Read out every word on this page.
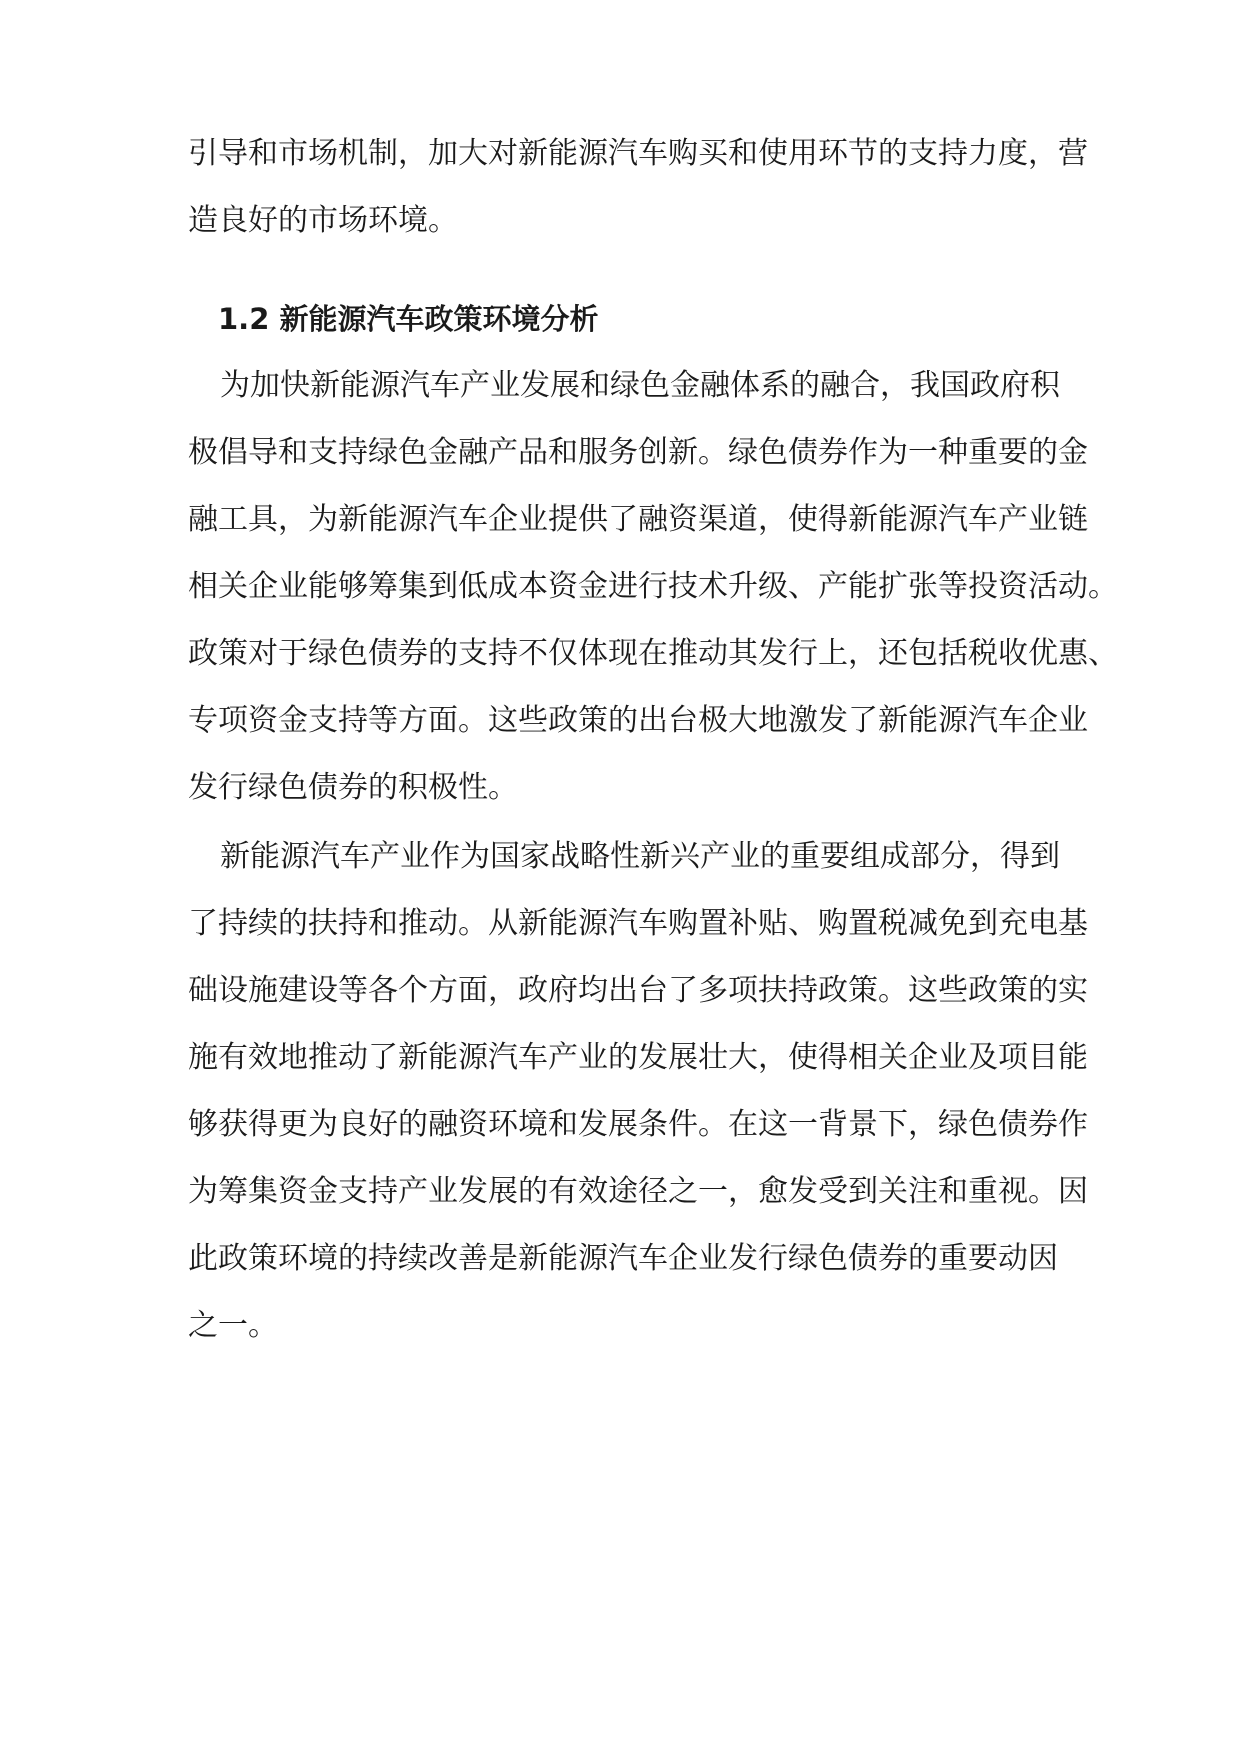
引导和市场机制，加大对新能源汽车购买和使用环节的支持力度，营
造良好的市场环境。
1.2 新能源汽车政策环境分析
为加快新能源汽车产业发展和绿色金融体系的融合，我国政府积
极倡导和支持绿色金融产品和服务创新。绿色债券作为一种重要的金
融工具，为新能源汽车企业提供了融资渠道，使得新能源汽车产业链
相关企业能够筹集到低成本资金进行技术升级、产能扩张等投资活动。
政策对于绿色债券的支持不仅体现在推动其发行上，还包括税收优惠、
专项资金支持等方面。这些政策的出台极大地激发了新能源汽车企业
发行绿色债券的积极性。
新能源汽车产业作为国家战略性新兴产业的重要组成部分，得到
了持续的扶持和推动。从新能源汽车购置补贴、购置税减免到充电基
础设施建设等各个方面，政府均出台了多项扶持政策。这些政策的实
施有效地推动了新能源汽车产业的发展壮大，使得相关企业及项目能
够获得更为良好的融资环境和发展条件。在这一背景下，绿色债券作
为筹集资金支持产业发展的有效途径之一，愈发受到关注和重视。因
此政策环境的持续改善是新能源汽车企业发行绿色债券的重要动因
之一。
